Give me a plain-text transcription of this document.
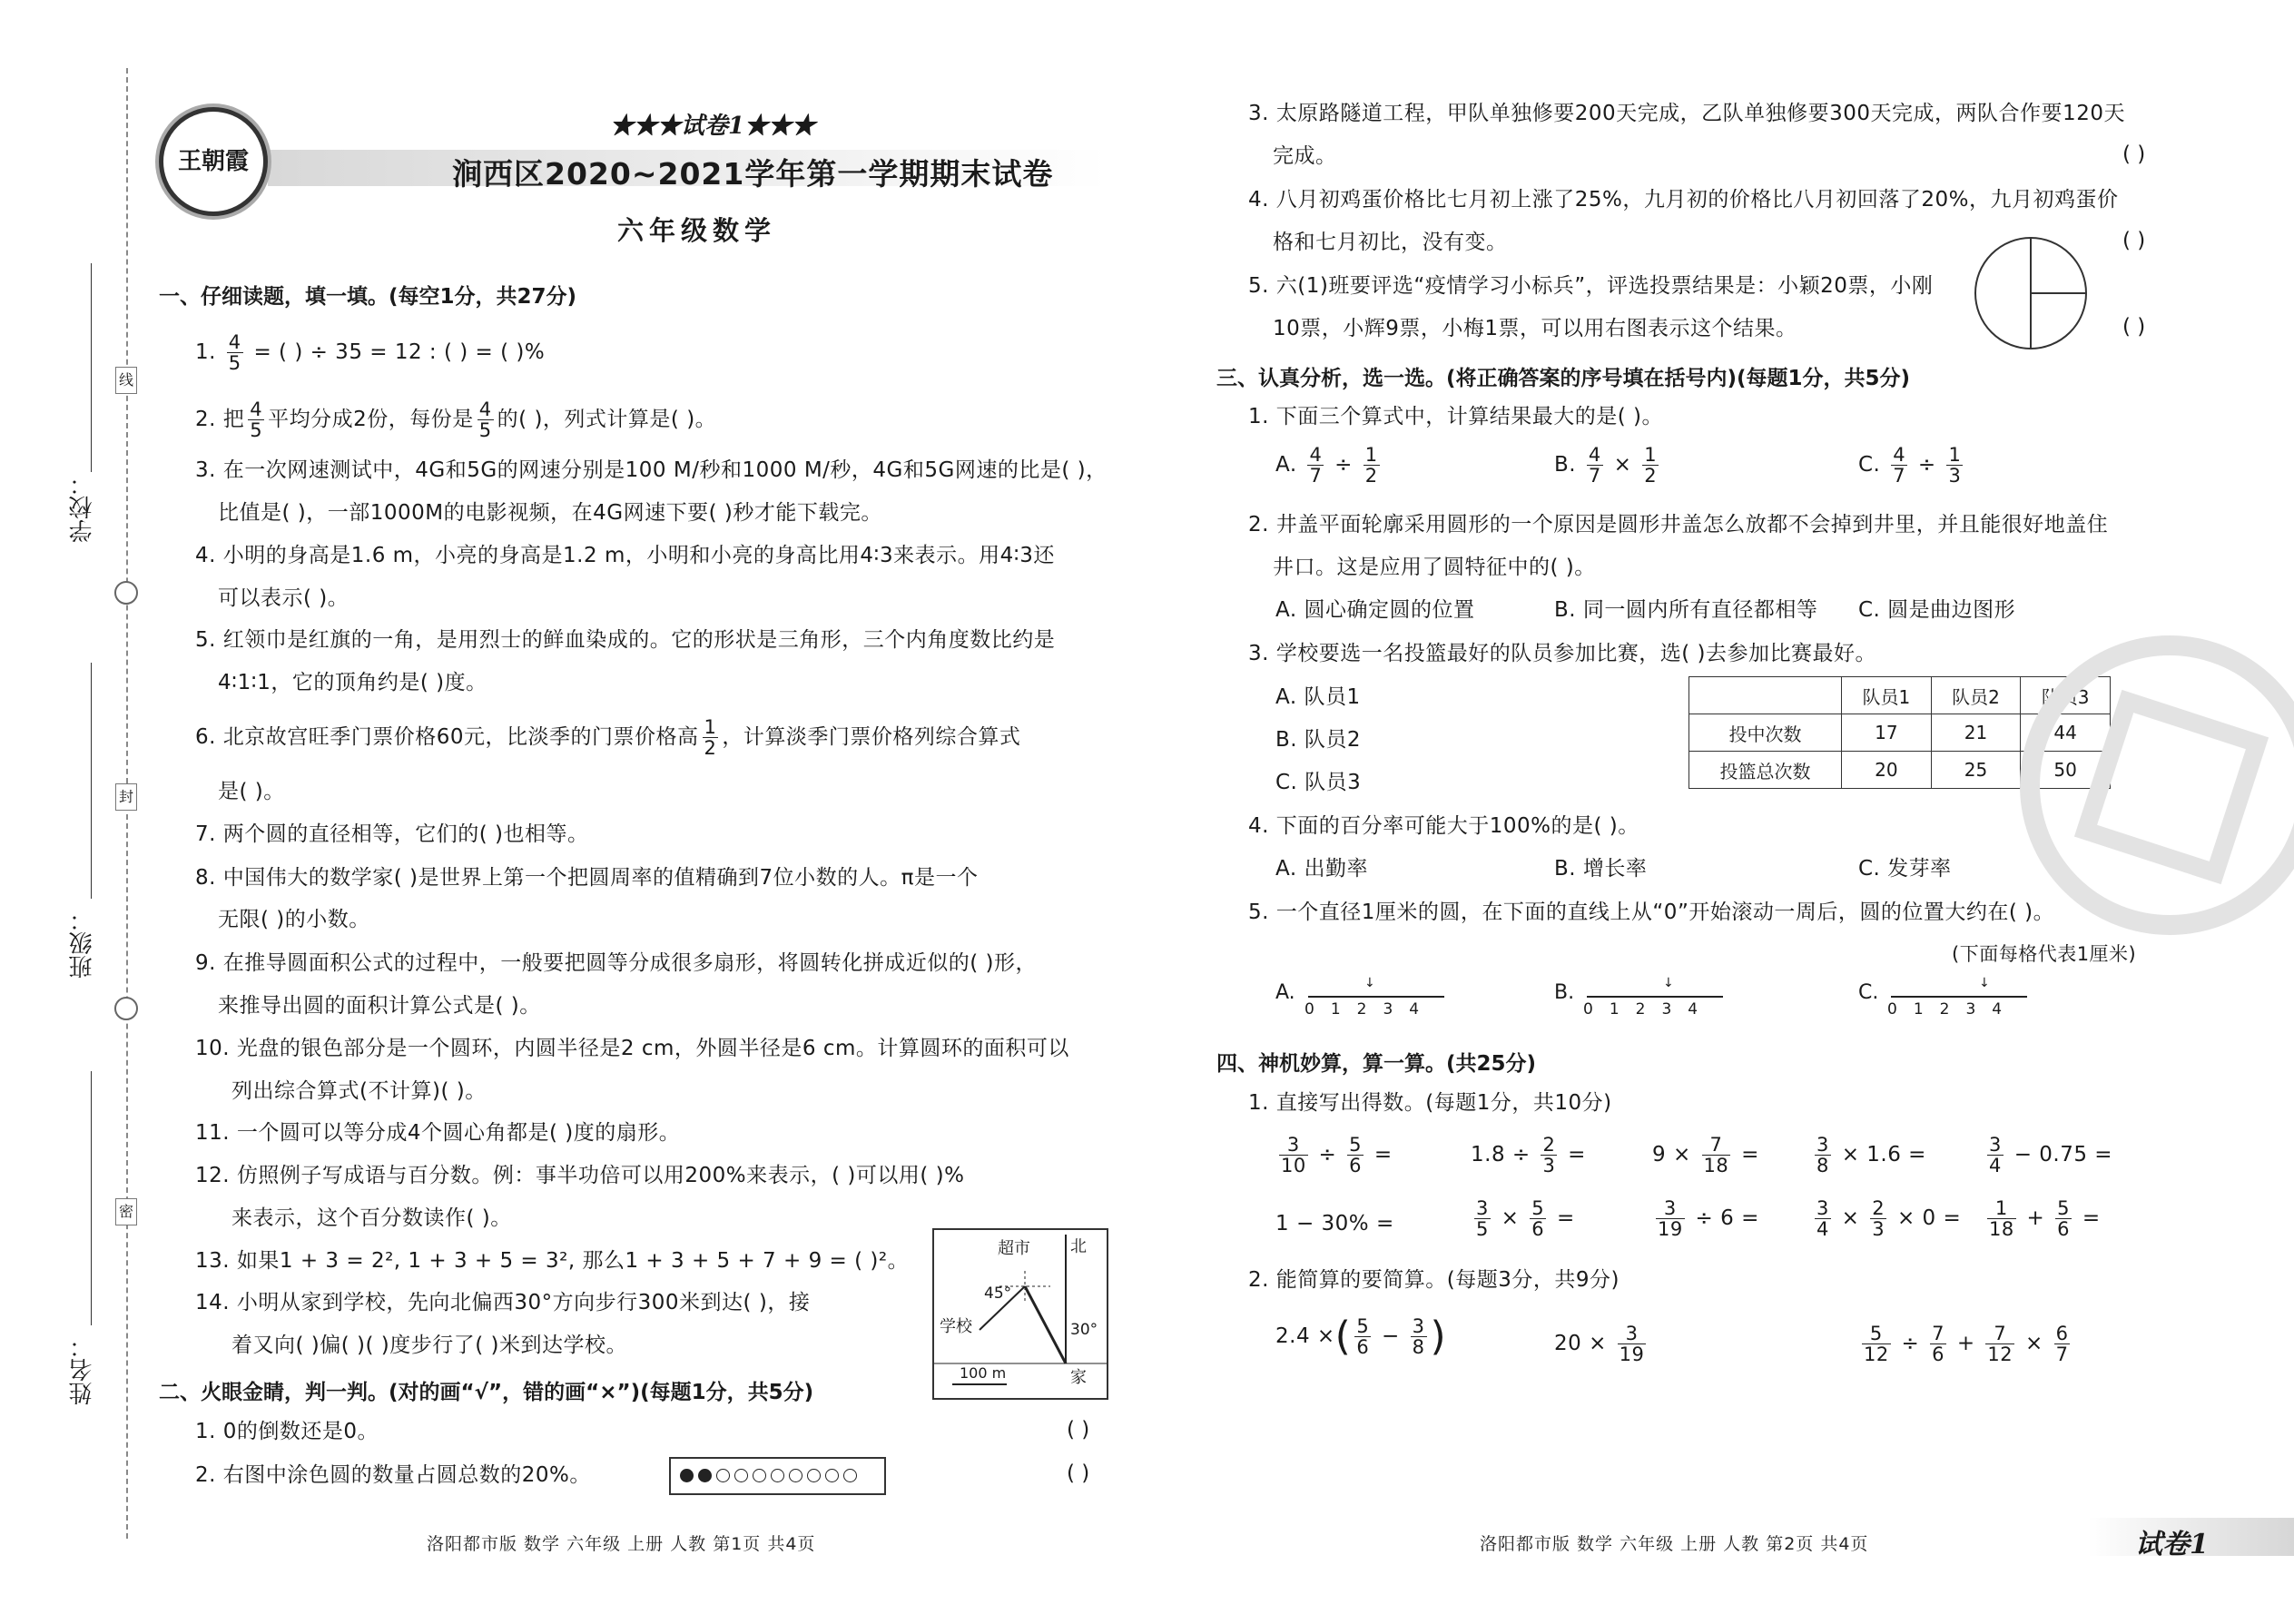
学校：
班级：
姓名：
线
封
密
王朝霞
★★★试卷1★★★
涧西区2020~2021学年第一学期期末试卷
六年级数学
一、仔细读题，填一填。(每空1分，共27分)
1. $\frac{4}{5}$ = ( ) ÷ 35 = 12 : ( ) = ( )%
2. 把 $\frac{4}{5}$ 平均分成2份，每份是 $\frac{4}{5}$ 的( )，列式计算是( )。
3. 在一次网速测试中，4G和5G的网速分别是100 M/秒和1000 M/秒，4G和5G网速的比是( )，
比值是( )，一部1000M的电影视频，在4G网速下要( )秒才能下载完。
4. 小明的身高是1.6 m，小亮的身高是1.2 m，小明和小亮的身高比用4∶3来表示。用4∶3还
可以表示( )。
5. 红领巾是红旗的一角，是用烈士的鲜血染成的。它的形状是三角形，三个内角度数比约是
4∶1∶1，它的顶角约是( )度。
6. 北京故宫旺季门票价格60元，比淡季的门票价格高 $\frac{1}{2}$ ，计算淡季门票价格列综合算式
是( )。
7. 两个圆的直径相等，它们的( )也相等。
8. 中国伟大的数学家( )是世界上第一个把圆周率的值精确到7位小数的人。π是一个
无限( )的小数。
9. 在推导圆面积公式的过程中，一般要把圆等分成很多扇形，将圆转化拼成近似的( )形，
来推导出圆的面积计算公式是( )。
10. 光盘的银色部分是一个圆环，内圆半径是2 cm，外圆半径是6 cm。计算圆环的面积可以
列出综合算式(不计算)( )。
11. 一个圆可以等分成4个圆心角都是( )度的扇形。
12. 仿照例子写成语与百分数。例：事半功倍可以用200%来表示，( )可以用( )%
来表示，这个百分数读作( )。
13. 如果1 + 3 = 2², 1 + 3 + 5 = 3², 那么1 + 3 + 5 + 7 + 9 = ( )²。
14. 小明从家到学校，先向北偏西30°方向步行300米到达( )，接
着又向( )偏( )( )度步行了( )米到达学校。
超市 北
45°
学校	30°
家
100 m
二、火眼金睛，判一判。(对的画“√”，错的画“×”)(每题1分，共5分)
1. 0的倒数还是0。	( )
2. 右图中涂色圆的数量占圆总数的20%。	( )
3. 太原路隧道工程，甲队单独修要200天完成，乙队单独修要300天完成，两队合作要120天
完成。	( )
4. 八月初鸡蛋价格比七月初上涨了25%，九月初的价格比八月初回落了20%，九月初鸡蛋价
格和七月初比，没有变。	( )
5. 六(1)班要评选“疫情学习小标兵”，评选投票结果是：小颖20票，小刚
10票，小辉9票，小梅1票，可以用右图表示这个结果。	( )
三、认真分析，选一选。(将正确答案的序号填在括号内)(每题1分，共5分)
1. 下面三个算式中，计算结果最大的是( )。
A. $\frac{4}{7} \div \frac{1}{2}$	B. $\frac{4}{7} \times \frac{1}{2}$	C. $\frac{4}{7} \div \frac{1}{3}$
2. 井盖平面轮廓采用圆形的一个原因是圆形井盖怎么放都不会掉到井里，并且能很好地盖住
井口。这是应用了圆特征中的( )。
A. 圆心确定圆的位置	B. 同一圆内所有直径都相等 C. 圆是曲边图形
3. 学校要选一名投篮最好的队员参加比赛，选( )去参加比赛最好。
A. 队员1
B. 队员2
C. 队员3
	队员1	队员2	队员3
投中次数	17	21	44
投篮总次数	20	25	50
4. 下面的百分率可能大于100%的是( )。
A. 出勤率	B. 增长率	C. 发芽率
5. 一个直径1厘米的圆，在下面的直线上从“0”开始滚动一周后，圆的位置大约在( )。
(下面每格代表1厘米)
A.
01234
↓	B.
01234
↓	C.
01234
↓
四、神机妙算，算一算。(共25分)
1. 直接写出得数。(每题1分，共10分)
$\frac{3}{10} \div \frac{5}{6}$ =	$1.8 \div \frac{2}{3}$ =	$9 \times \frac{7}{18}$ =	$\frac{3}{8} \times 1.6$ =	$\frac{3}{4} - 0.75$ =
1 − 30% =	$\frac{3}{5} \times \frac{5}{6}$ =	$\frac{3}{19} \div 6$ =	$\frac{3}{4} \times \frac{2}{3} \times 0 = \frac{1}{18} + \frac{5}{6}$ =
2. 能简算的要简算。(每题3分，共9分)
2.4 ×( $\frac{5}{6} - \frac{3}{8}$ )	$20 \times \frac{3}{19}$	$\frac{5}{12} \div \frac{7}{6} + \frac{7}{12} \times \frac{6}{7}$
洛阳都市版 数学 六年级 上册 人教 第1页 共4页	洛阳都市版 数学 六年级 上册 人教 第2页 共4页	试卷1
